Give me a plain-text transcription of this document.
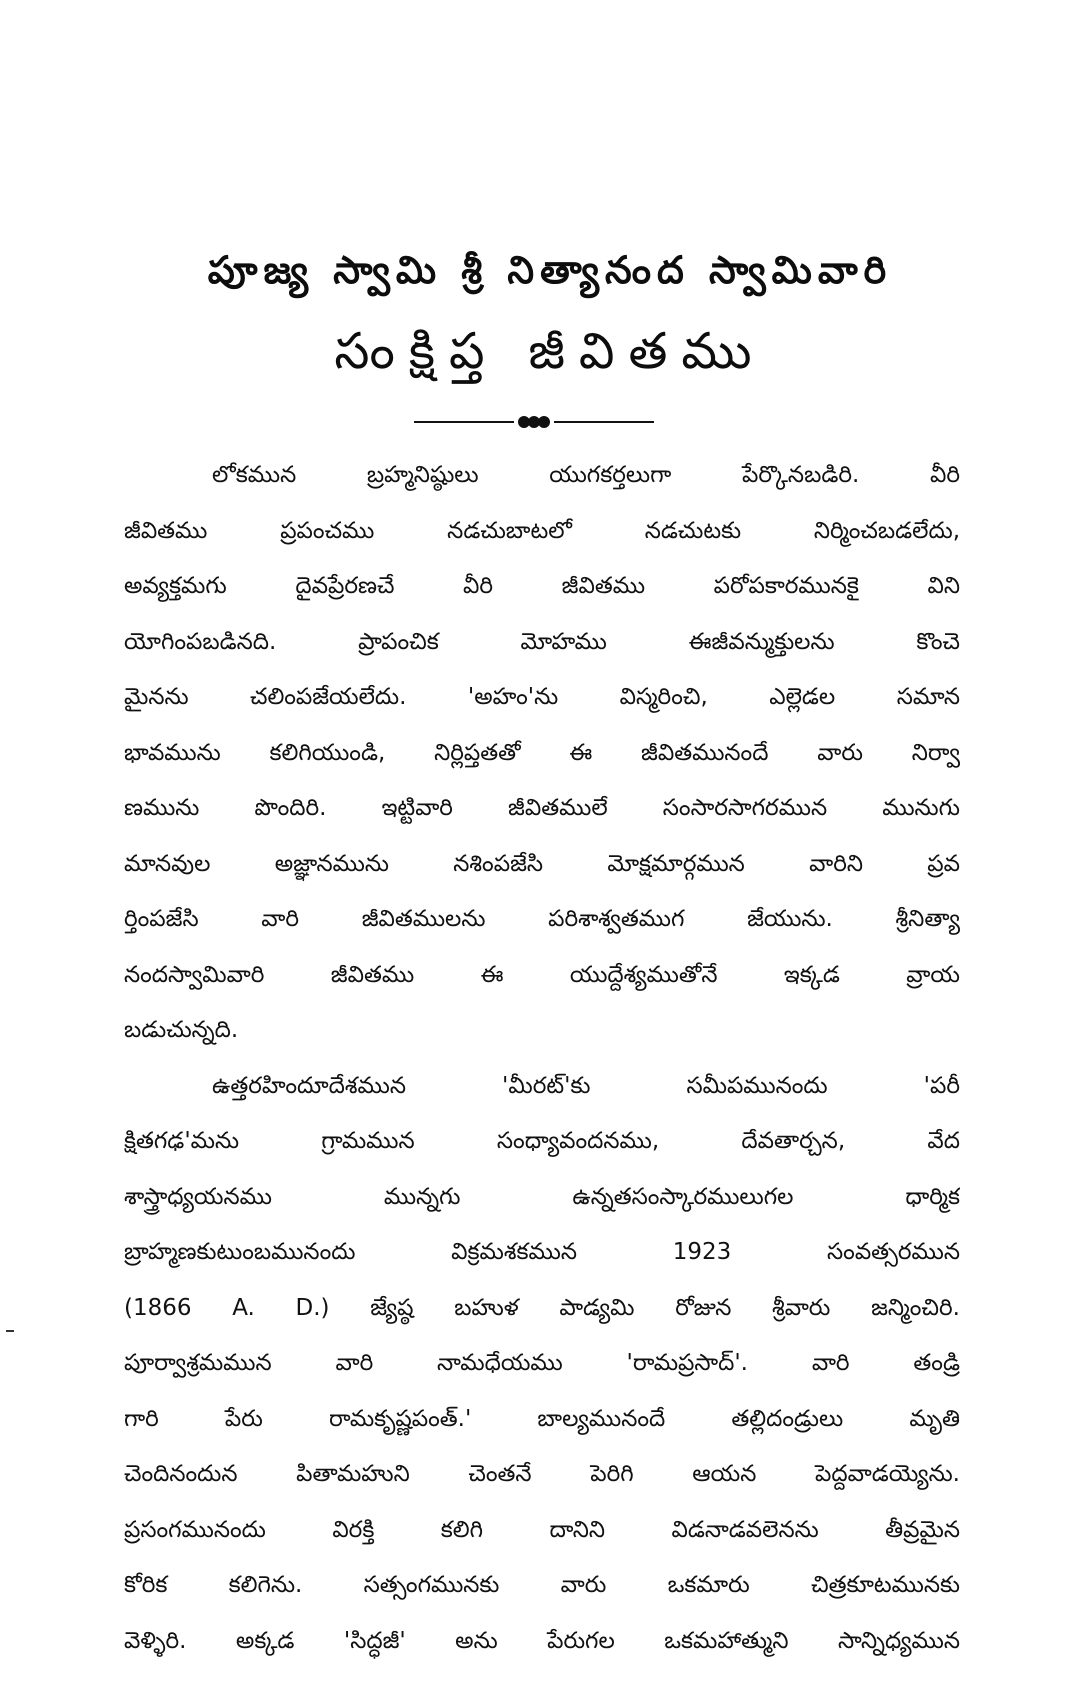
పూజ్య స్వామి శ్రీ నిత్యానంద స్వామివారి
సంక్షిప్త జీవితము
లోకమున బ్రహ్మనిష్ఠులు యుగకర్తలుగా పేర్కొనబడిరి. వీరి
జీవితము ప్రపంచము నడచుబాటలో నడచుటకు నిర్మించబడలేదు,
అవ్యక్తమగు దైవప్రేరణచే వీరి జీవితము పరోపకారమునకై విని
యోగింపబడినది. ప్రాపంచిక మోహము ఈజీవన్ముక్తులను కొంచె
మైనను చలింపజేయలేదు. 'అహం'ను విస్మరించి, ఎల్లెడల సమాన
భావమును కలిగియుండి, నిర్లిప్తతతో ఈ జీవితమునందే వారు నిర్వా
ణమును పొందిరి. ఇట్టివారి జీవితములే సంసారసాగరమున మునుగు
మానవుల అజ్ఞానమును నశింపజేసి మోక్షమార్గమున వారిని ప్రవ
ర్తింపజేసి వారి జీవితములను పరిశాశ్వతముగ జేయును. శ్రీనిత్యా
నందస్వామివారి జీవితము ఈ యుద్దేశ్యముతోనే ఇక్కడ వ్రాయ
బడుచున్నది.
ఉత్తరహిందూదేశమున 'మీరట్'కు సమీపమునందు 'పరీ
క్షితగఢ'మను గ్రామమున సంధ్యావందనము, దేవతార్చన, వేద
శాస్త్రాధ్యయనము మున్నగు ఉన్నతసంస్కారములుగల ధార్మిక
బ్రాహ్మణకుటుంబమునందు విక్రమశకమున 1923 సంవత్సరమున
(1866 A. D.) జ్యేష్ఠ బహుళ పాడ్యమి రోజున శ్రీవారు జన్మించిరి.
పూర్వాశ్రమమున వారి నామధేయము 'రామప్రసాద్'. వారి తండ్రి
గారి పేరు రామకృష్ణపంత్.' బాల్యమునందే తల్లిదండ్రులు మృతి
చెందినందున పితామహుని చెంతనే పెరిగి ఆయన పెద్దవాడయ్యెను.
ప్రసంగమునందు విరక్తి కలిగి దానిని విడనాడవలెనను తీవ్రమైన
కోరిక కలిగెను. సత్సంగమునకు వారు ఒకమారు చిత్రకూటమునకు
వెళ్ళిరి. అక్కడ 'సిద్ధజీ' అను పేరుగల ఒకమహాత్ముని సాన్నిధ్యమున
